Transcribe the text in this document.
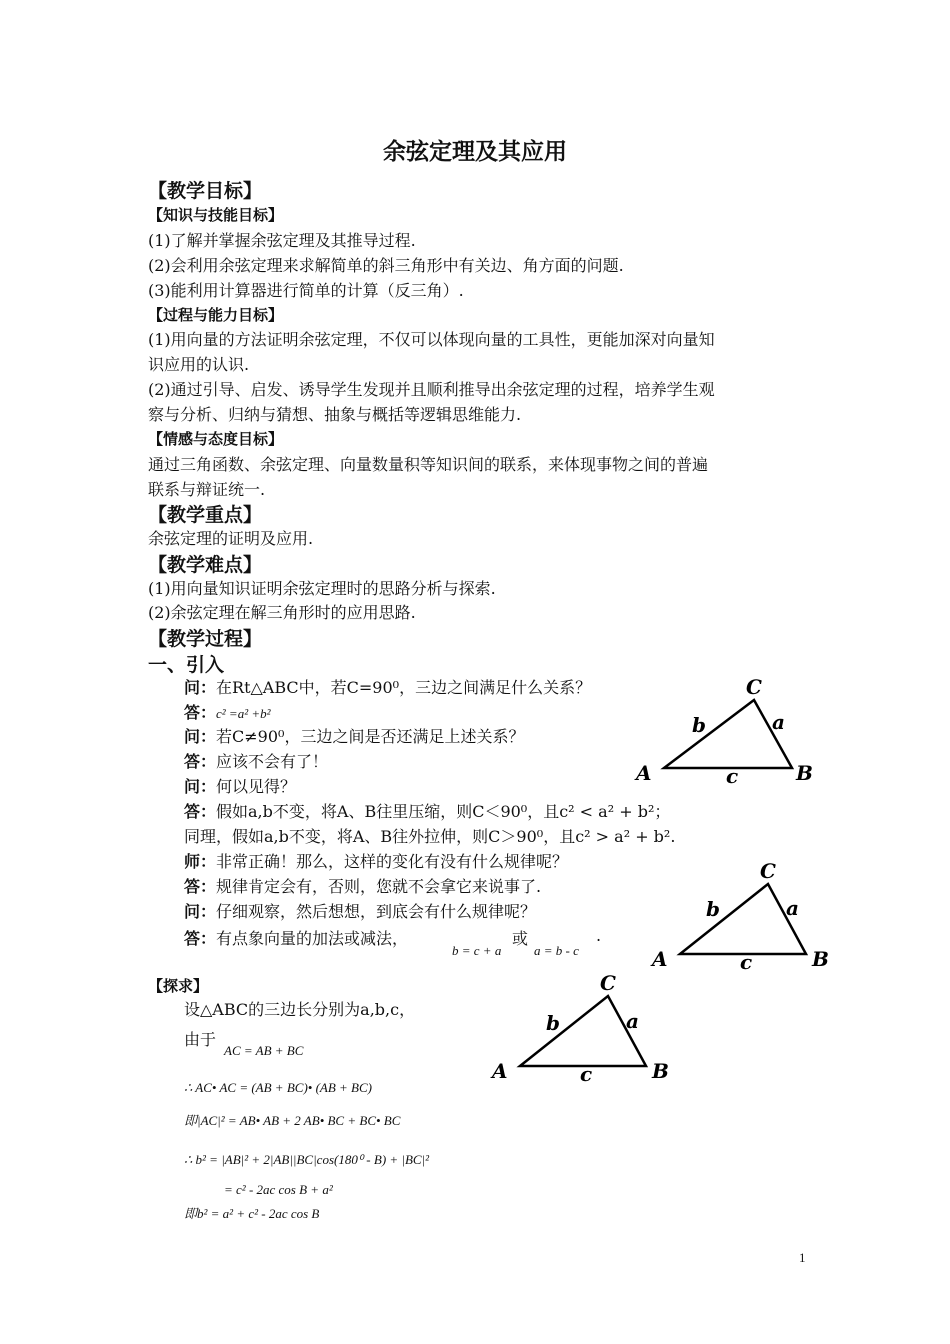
余弦定理及其应用
【教学目标】
【知识与技能目标】
(1)了解并掌握余弦定理及其推导过程.
(2)会利用余弦定理来求解简单的斜三角形中有关边、角方面的问题.
(3)能利用计算器进行简单的计算（反三角）.
【过程与能力目标】
(1)用向量的方法证明余弦定理，不仅可以体现向量的工具性，更能加深对向量知
识应用的认识.
(2)通过引导、启发、诱导学生发现并且顺利推导出余弦定理的过程，培养学生观
察与分析、归纳与猜想、抽象与概括等逻辑思维能力.
【情感与态度目标】
通过三角函数、余弦定理、向量数量积等知识间的联系，来体现事物之间的普遍
联系与辩证统一.
【教学重点】
余弦定理的证明及应用.
【教学难点】
(1)用向量知识证明余弦定理时的思路分析与探索.
(2)余弦定理在解三角形时的应用思路.
【教学过程】
一、引入
问：在Rt△ABC中，若C=90⁰，三边之间满足什么关系？
答：c² =a² +b²
问：若C≠90⁰，三边之间是否还满足上述关系？
答：应该不会有了！
问：何以见得？
答：假如a,b不变，将A、B往里压缩，则C＜90⁰，且c² < a² + b²；
同理，假如a,b不变，将A、B往外拉伸，则C＞90⁰，且c² > a² + b².
师：非常正确！那么，这样的变化有没有什么规律呢？
答：规律肯定会有，否则，您就不会拿它来说事了.
问：仔细观察，然后想想，到底会有什么规律呢？
答：有点象向量的加法或减法，
b = c + a
或
a = b - c
.
【探求】
设△ABC的三边长分别为a,b,c，
由于
AC = AB + BC
∴ AC• AC = (AB + BC)• (AB + BC)
即|AC|² = AB• AB + 2 AB• BC + BC• BC
∴ b² = |AB|² + 2|AB||BC|cos(180⁰ - B) + |BC|²
= c² - 2ac cos B + a²
即b² = a² + c² - 2ac cos B
A	B
C
a
b
c
A	B
C
a
b
c
A	B
C
a
b
c
1
